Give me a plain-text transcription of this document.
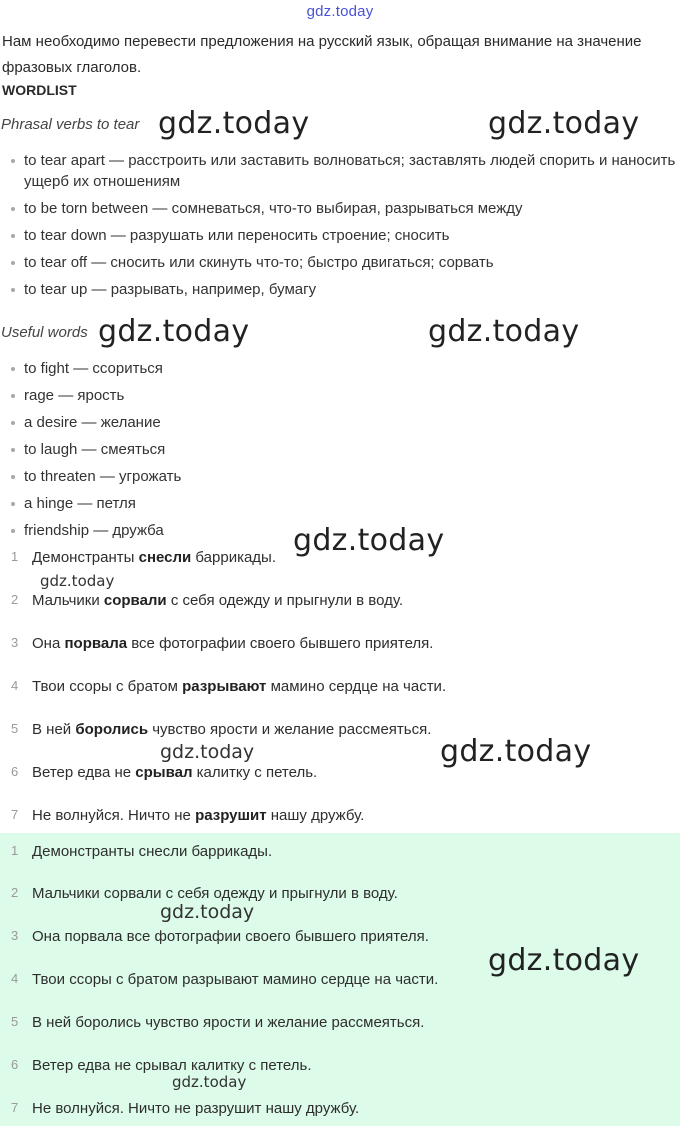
gdz.today
Нам необходимо перевести предложения на русский язык, обращая внимание на значение фразовых глаголов.
WORDLIST
Phrasal verbs to tear
to tear apart — расстроить или заставить волноваться; заставлять людей спорить и наносить ущерб их отношениям
to be torn between — сомневаться, что-то выбирая, разрываться между
to tear down — разрушать или переносить строение; сносить
to tear off — сносить или скинуть что-то; быстро двигаться; сорвать
to tear up — разрывать, например, бумагу
Useful words
to fight — ссориться
rage — ярость
a desire — желание
to laugh — смеяться
to threaten — угрожать
a hinge — петля
friendship — дружба
1 Демонстранты снесли баррикады.
2 Мальчики сорвали с себя одежду и прыгнули в воду.
3 Она порвала все фотографии своего бывшего приятеля.
4 Твои ссоры с братом разрывают мамино сердце на части.
5 В ней боролись чувство ярости и желание рассмеяться.
6 Ветер едва не срывал калитку с петель.
7 Не волнуйся. Ничто не разрушит нашу дружбу.
1 Демонстранты снесли баррикады.
2 Мальчики сорвали с себя одежду и прыгнули в воду.
3 Она порвала все фотографии своего бывшего приятеля.
4 Твои ссоры с братом разрывают мамино сердце на части.
5 В ней боролись чувство ярости и желание рассмеяться.
6 Ветер едва не срывал калитку с петель.
7 Не волнуйся. Ничто не разрушит нашу дружбу.
gdz.today	gdz.today
gdz.today	gdz.today
gdz.today
gdz.today
gdz.today	gdz.today
gdz.today
gdz.today
gdz.today
